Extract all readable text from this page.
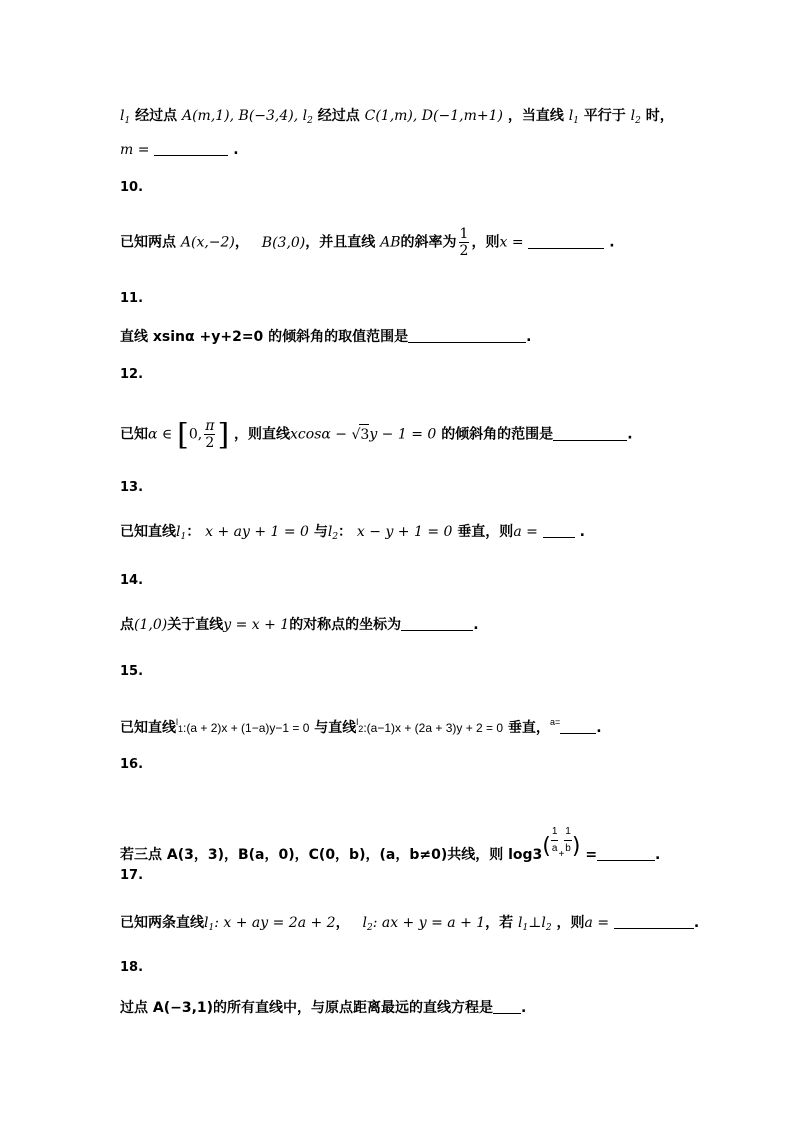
$l_1$ 经过点 A(m,1), B(−3,4), $l_2$ 经过点 C(1,m), D(−1,m+1) ，当直线 $l_1$ 平行于 $l_2$ 时，
m =	.
10.
已知两点 A(x,−2)， B(3,0)，并且直线 AB的斜率为 $\frac{1}{2}$ ，则x =	.
11.
直线 xsinα +y+2=0 的倾斜角的取值范围是	.
12.
已知α ∈ [0, $\frac{\pi}{2}$ ] ，则直线xcosα − √3y − 1 = 0 的倾斜角的范围是	.
13.
已知直线$l_1$： x + ay + 1 = 0 与$l_2$： x − y + 1 = 0 垂直，则a =	.
14.
点(1,0)关于直线y = x + 1的对称点的坐标为	.
15.
已知直线$^l$1:(a + 2)x + (1−a)y−1 = 0 与直线$^l$2:(a−1)x + (2a + 3)y + 2 = 0 垂直，$^{a=}$	.
16.
若三点 A(3，3)，B(a，0)，C(0，b)，(a，b≠0)共线，则 $\log 3( \frac{1}{a} + \frac{1}{b}$ ) =	.
17.
已知两条直线$l_1$: x + ay = 2a + 2， $l_2$: ax + y = a + 1，若 $l_1\perp l_2$ ，则a =	.
18.
过点 A(−3,1)的所有直线中，与原点距离最远的直线方程是 .
